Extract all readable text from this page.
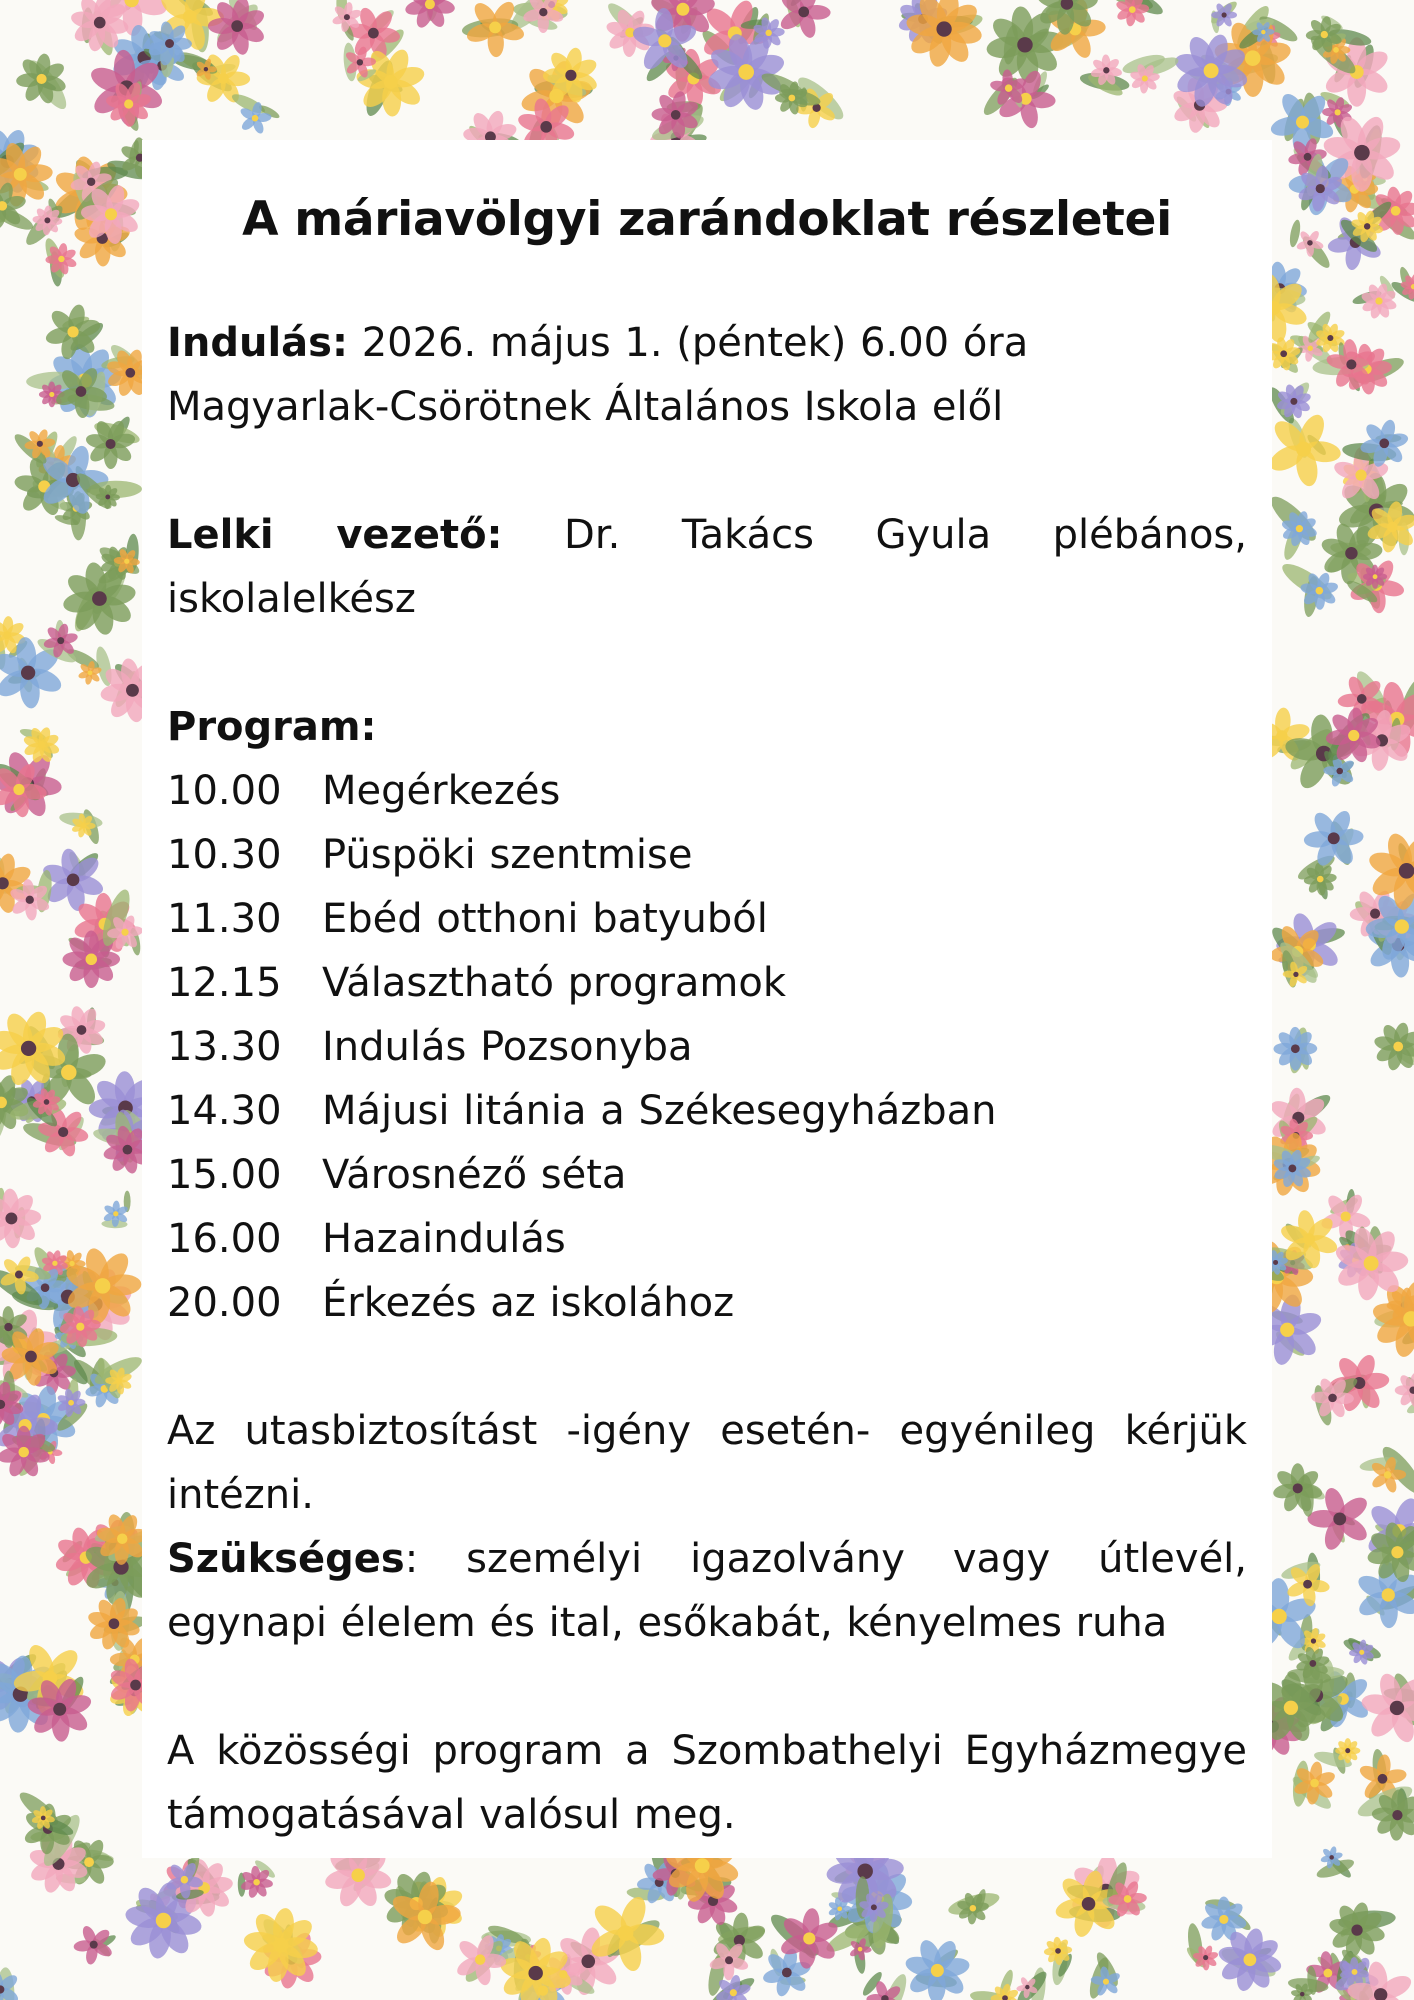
A máriavölgyi zarándoklat részletei

Indulás: 2026. május 1. (péntek) 6.00 óra
Magyarlak-Csörötnek Általános Iskola elől

Lelki vezető: Dr. Takács Gyula plébános, iskolalelkész

Program:
10.00	Megérkezés
10.30	Püspöki szentmise
11.30	Ebéd otthoni batyuból
12.15	Választható programok
13.30	Indulás Pozsonyba
14.30	Májusi litánia a Székesegyházban
15.00	Városnéző séta
16.00	Hazaindulás
20.00	Érkezés az iskolához

Az utasbiztosítást -igény esetén- egyénileg kérjük intézni.

Szükséges: személyi igazolvány vagy útlevél, egynapi élelem és ital, esőkabát, kényelmes ruha

A közösségi program a Szombathelyi Egyházmegye támogatásával valósul meg.
